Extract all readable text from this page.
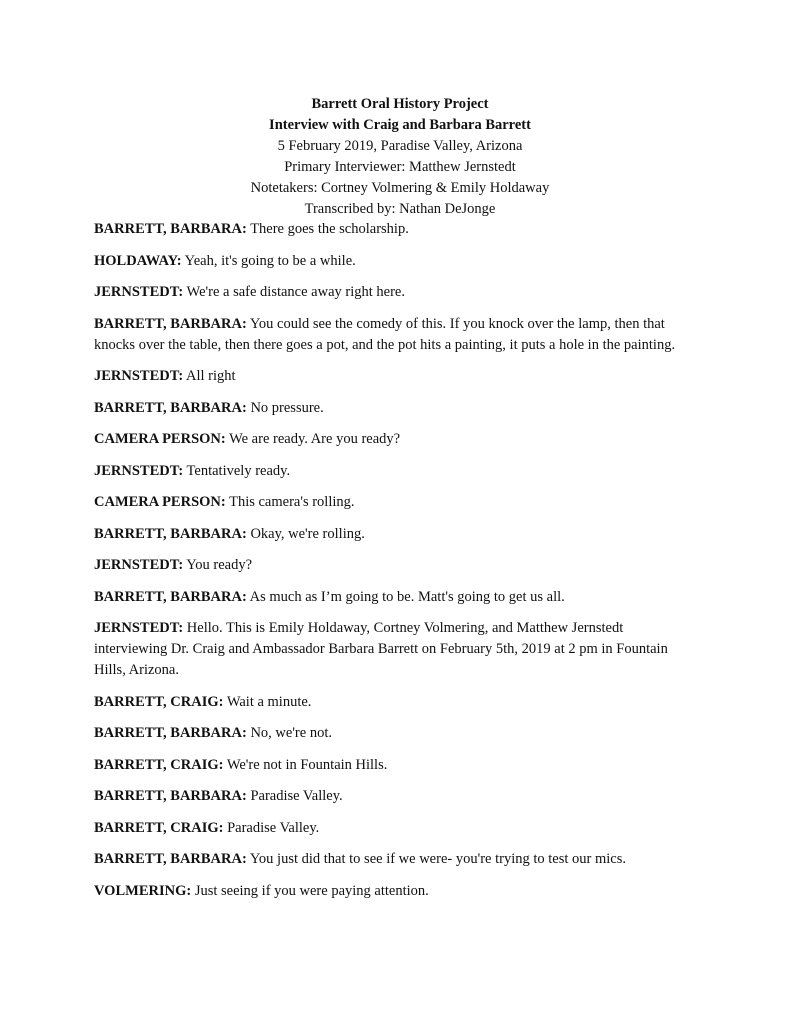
Barrett Oral History Project
Interview with Craig and Barbara Barrett
5 February 2019, Paradise Valley, Arizona
Primary Interviewer: Matthew Jernstedt
Notetakers: Cortney Volmering & Emily Holdaway
Transcribed by: Nathan DeJonge

BARRETT, BARBARA: There goes the scholarship.

HOLDAWAY: Yeah, it's going to be a while.

JERNSTEDT: We're a safe distance away right here.

BARRETT, BARBARA: You could see the comedy of this. If you knock over the lamp, then that knocks over the table, then there goes a pot, and the pot hits a painting, it puts a hole in the painting.

JERNSTEDT: All right

BARRETT, BARBARA: No pressure.

CAMERA PERSON: We are ready. Are you ready?

JERNSTEDT: Tentatively ready.

CAMERA PERSON: This camera's rolling.

BARRETT, BARBARA: Okay, we're rolling.

JERNSTEDT: You ready?

BARRETT, BARBARA: As much as I’m going to be. Matt's going to get us all.

JERNSTEDT: Hello. This is Emily Holdaway, Cortney Volmering, and Matthew Jernstedt interviewing Dr. Craig and Ambassador Barbara Barrett on February 5th, 2019 at 2 pm in Fountain Hills, Arizona.

BARRETT, CRAIG: Wait a minute.

BARRETT, BARBARA: No, we're not.

BARRETT, CRAIG: We're not in Fountain Hills.

BARRETT, BARBARA: Paradise Valley.

BARRETT, CRAIG: Paradise Valley.

BARRETT, BARBARA: You just did that to see if we were- you're trying to test our mics.

VOLMERING: Just seeing if you were paying attention.
